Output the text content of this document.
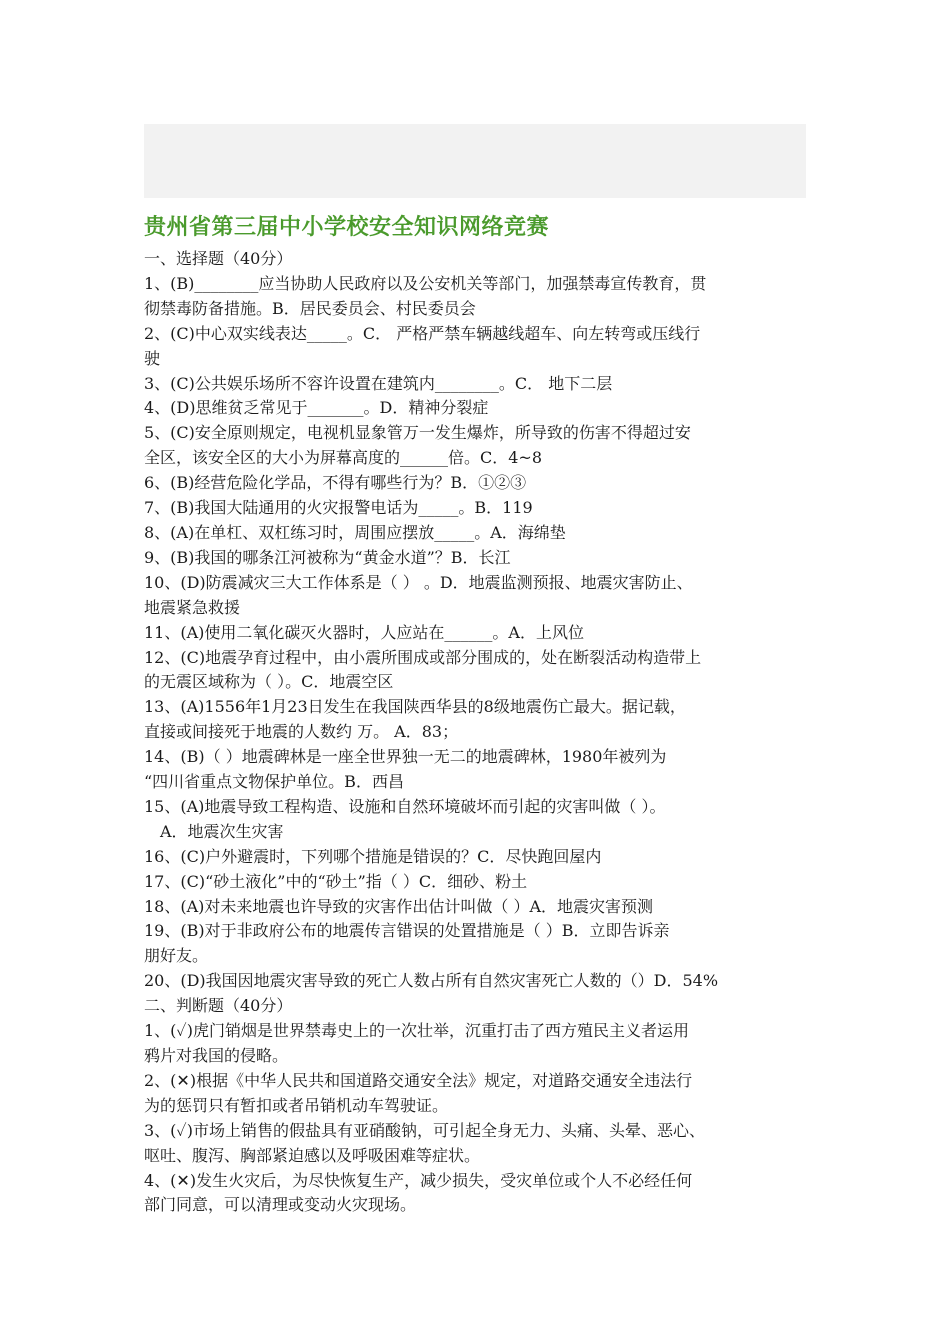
贵州省第三届中小学校安全知识网络竞赛
一、选择题（40分）
1、(B)________应当协助人民政府以及公安机关等部门，加强禁毒宣传教育，贯
彻禁毒防备措施。B．居民委员会、村民委员会
2、(C)中心双实线表达_____。C． 严格严禁车辆越线超车、向左转弯或压线行
驶
3、(C)公共娱乐场所不容许设置在建筑内________。C． 地下二层
4、(D)思维贫乏常见于_______。D．精神分裂症
5、(C)安全原则规定，电视机显象管万一发生爆炸，所导致的伤害不得超过安
全区，该安全区的大小为屏幕高度的______倍。C．4~8
6、(B)经营危险化学品，不得有哪些行为？B．①②③
7、(B)我国大陆通用的火灾报警电话为_____。B．119
8、(A)在单杠、双杠练习时，周围应摆放_____。A．海绵垫
9、(B)我国的哪条江河被称为“黄金水道”？B．长江
10、(D)防震减灾三大工作体系是（ ） 。D．地震监测预报、地震灾害防止、
地震紧急救援
11、(A)使用二氧化碳灭火器时，人应站在______。A．上风位
12、(C)地震孕育过程中，由小震所围成或部分围成的，处在断裂活动构造带上
的无震区域称为（ ）。C．地震空区
13、(A)1556年1月23日发生在我国陕西华县的8级地震伤亡最大。据记载，
直接或间接死于地震的人数约 万。 A．83；
14、(B)（ ）地震碑林是一座全世界独一无二的地震碑林，1980年被列为
“四川省重点文物保护单位。B．西昌
15、(A)地震导致工程构造、设施和自然环境破坏而引起的灾害叫做（ ）。
A．地震次生灾害
16、(C)户外避震时，下列哪个措施是错误的？C．尽快跑回屋内
17、(C)“砂土液化”中的“砂土”指（ ）C．细砂、粉土
18、(A)对未来地震也许导致的灾害作出估计叫做（ ）A．地震灾害预测
19、(B)对于非政府公布的地震传言错误的处置措施是（ ）B．立即告诉亲
朋好友。
20、(D)我国因地震灾害导致的死亡人数占所有自然灾害死亡人数的（）D．54%
二、判断题（40分）
1、(✓)虎门销烟是世界禁毒史上的一次壮举，沉重打击了西方殖民主义者运用
鸦片对我国的侵略。
2、(✕)根据《中华人民共和国道路交通安全法》规定，对道路交通安全违法行
为的惩罚只有暂扣或者吊销机动车驾驶证。
3、(✓)市场上销售的假盐具有亚硝酸钠，可引起全身无力、头痛、头晕、恶心、
呕吐、腹泻、胸部紧迫感以及呼吸困难等症状。
4、(✕)发生火灾后，为尽快恢复生产，减少损失，受灾单位或个人不必经任何
部门同意，可以清理或变动火灾现场。
